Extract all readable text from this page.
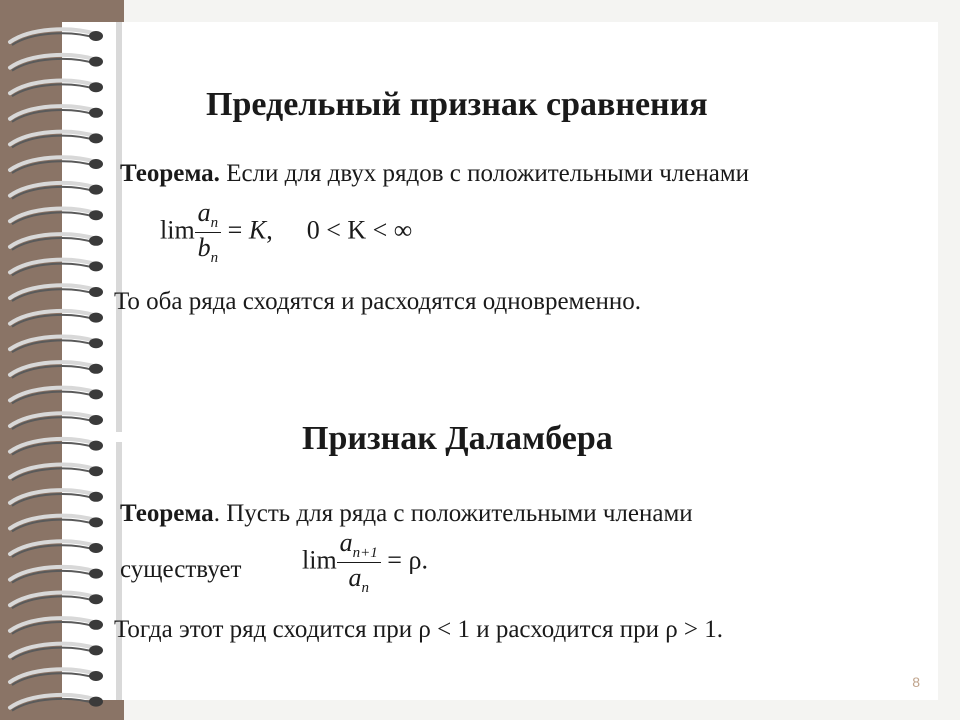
Предельный признак сравнения
Теорема. Если для двух рядов с положительными членами
$\lim \frac{a_n}{b_n} = K$, 0 < K < ∞
То оба ряда сходятся и расходятся одновременно.
Признак Даламбера
Теорема. Пусть для ряда с положительными членами
существует $\lim \frac{a_{n+1}}{a_n} = \rho$.
Тогда этот ряд сходится при ρ < 1 и расходится при ρ > 1.
8
